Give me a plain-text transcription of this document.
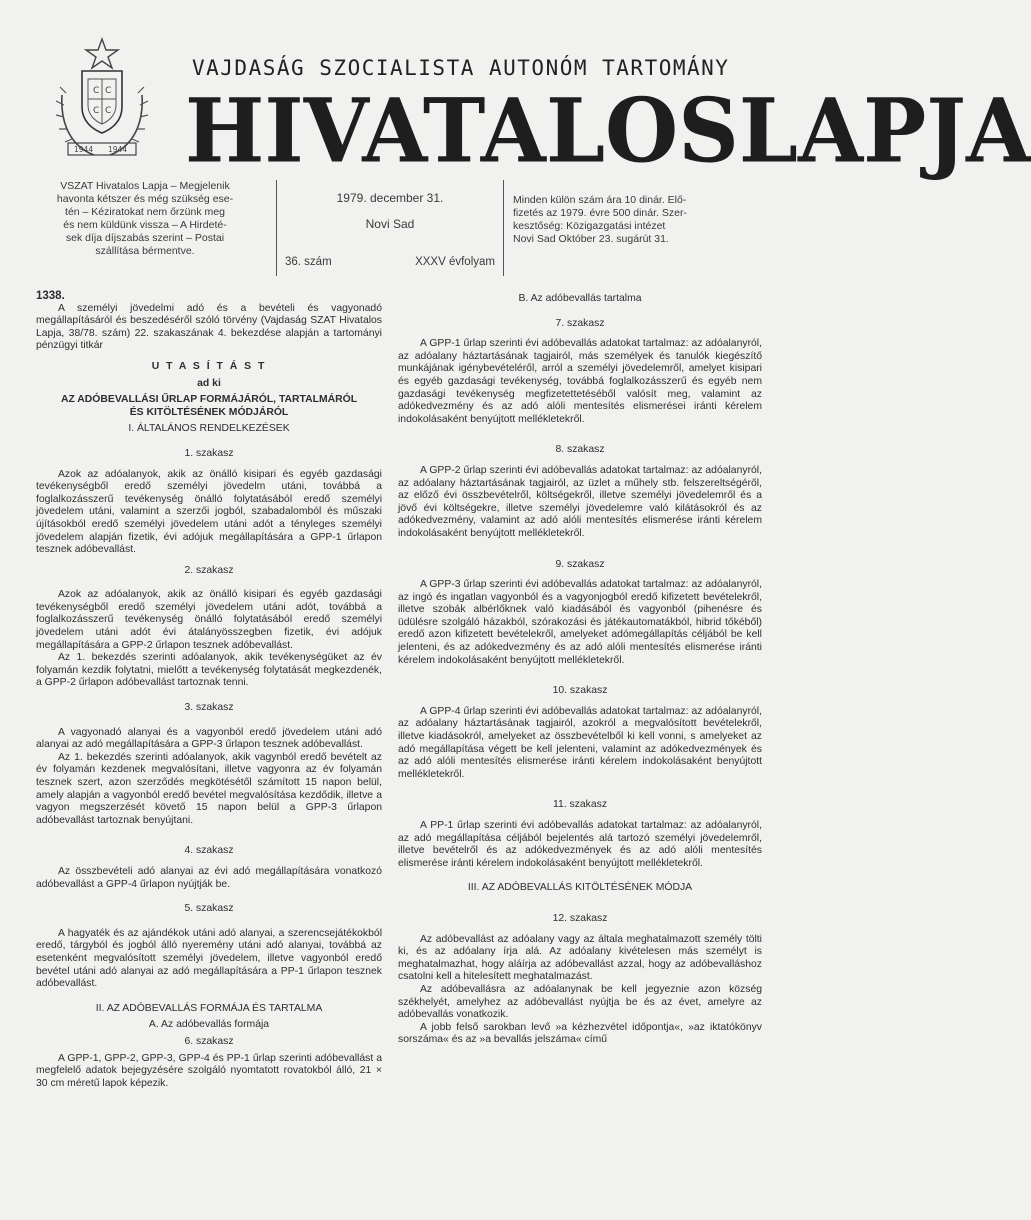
C C
C C
1944 1944
VAJDASÁG SZOCIALISTA AUTONÓM TARTOMÁNY
HIVATALOS LAPJA
VSZAT Hivatalos Lapja – Megjelenik
havonta kétszer és még szükség ese-
tén – Kéziratokat nem őrzünk meg
és nem küldünk vissza – A Hirdeté-
sek díja díjszabás szerint – Postai
szállítása bérmentve.
1979. december 31.
Novi Sad
36. szám	XXXV évfolyam
Minden külön szám ára 10 dinár. Elő-
fizetés az 1979. évre 500 dinár. Szer-
kesztőség: Közigazgatási intézet
Novi Sad Október 23. sugárút 31.

1338.

A személyi jövedelmi adó és a bevételi és vagyonadó megállapításáról és beszedéséről szóló törvény (Vajdaság SZAT Hivatalos Lapja, 38/78. szám) 22. szakaszának 4. bekezdése alapján a tartományi pénzügyi titkár

U T A S Í T Á S T

ad ki

AZ ADÓBEVALLÁSI ŰRLAP FORMÁJÁRÓL, TARTALMÁRÓL

ÉS KITÖLTÉSÉNEK MÓDJÁRÓL

I. ÁLTALÁNOS RENDELKEZÉSEK

1. szakasz

Azok az adóalanyok, akik az önálló kisipari és egyéb gazdasági tevékenységből eredő személyi jövedelm utáni, továbbá a foglalkozásszerű tevékenység önálló folytatásából eredő személyi jövedelem utáni, valamint a szerzői jogból, szabadalomból és műszaki újításokból eredő személyi jövedelem utáni adót a tényleges személyi jövedelem alapján fizetik, évi adójuk megállapítására a GPP-1 űrlapon tesznek adóbevallást.

2. szakasz

Azok az adóalanyok, akik az önálló kisipari és egyéb gazdasági tevékenységből eredő személyi jövedelem utáni adót, továbbá a foglalkozásszerű tevékenység önálló folytatásából eredő személyi jövedelem utáni adót évi átalányösszegben fizetik, évi adójuk megállapítására a GPP-2 űrlapon tesznek adóbevallást.

Az 1. bekezdés szerinti adóalanyok, akik tevékenységüket az év folyamán kezdik folytatni, mielőtt a tevékenység folytatását megkezdenék, a GPP-2 űrlapon adóbevallást tartoznak tenni.

3. szakasz

A vagyonadó alanyai és a vagyonból eredő jövedelem utáni adó alanyai az adó megállapítására a GPP-3 űrlapon tesznek adóbevallást.

Az 1. bekezdés szerinti adóalanyok, akik vagynból eredő bevételt az év folyamán kezdenek megvalósítani, illetve vagyonra az év folyamán tesznek szert, azon szerződés megkötésétől számított 15 napon belül, amely alapján a vagyonból eredő bevétel megvalósítása kezdődik, illetve a vagyon megszerzését követő 15 napon belül a GPP-3 űrlapon adóbevallást tartoznak benyújtani.

4. szakasz

Az összbevételi adó alanyai az évi adó megállapítására vonatkozó adóbevallást a GPP-4 űrlapon nyújtják be.

5. szakasz

A hagyaték és az ajándékok utáni adó alanyai, a szerencsejátékokból eredő, tárgyból és jogból álló nyeremény utáni adó alanyai, továbbá az esetenként megvalósított személyi jövedelem, illetve vagyonból eredő bevétel utáni adó alanyai az adó megállapítására a PP-1 űrlapon tesznek adóbevallást.

II. AZ ADÓBEVALLÁS FORMÁJA ÉS TARTALMA

A. Az adóbevallás formája

6. szakasz

A GPP-1, GPP-2, GPP-3, GPP-4 és PP-1 űrlap szerinti adóbevallást a megfelelő adatok bejegyzésére szolgáló nyomtatott rovatokból álló, 21 × 30 cm méretű lapok képezik.

B. Az adóbevallás tartalma

7. szakasz

A GPP-1 űrlap szerinti évi adóbevallás adatokat tartalmaz: az adóalanyról, az adóalany háztartásának tagjairól, más személyek és tanulók kiegészítő munkájának igénybevételéről, arról a személyi jövedelemről, amelyet kisipari és egyéb gazdasági tevékenység, továbbá foglalkozásszerű és egyéb nem gazdasági tevékenység megfizetettetéséből valósít meg, valamint az adókedvezmény és az adó alóli mentesítés elismerései iránti kérelem indokolásaként benyújtott mellékletekről.

8. szakasz

A GPP-2 űrlap szerinti évi adóbevallás adatokat tartalmaz: az adóalanyról, az adóalany háztartásának tagjairól, az üzlet a műhely stb. felszereltségéről, az előző évi összbevételről, költségekről, illetve személyi jövedelemről és a jövő évi költségekre, illetve személyi jövedelemre való kilátásokról és az adókedvezmény, valamint az adó alóli mentesítés elismerése iránti kérelem indokolásaként benyújtott mellékletekről.

9. szakasz

A GPP-3 űrlap szerinti évi adóbevallás adatokat tartalmaz: az adóalanyról, az ingó és ingatlan vagyonból és a vagyonjogból eredő kifizetett bevételekről, illetve szobák albérlőknek való kiadásából és vagyonból (pihenésre és üdülésre szolgáló házakból, szórakozási és játékautomatákból, hibrid tőkéből) eredő azon kifizetett bevételekről, amelyeket adómegállapítás céljából be kell jelenteni, és az adókedvezmény és az adó alóli mentesítés elismerése iránti kérelem indokolásaként benyújtott mellékletekről.

10. szakasz

A GPP-4 űrlap szerinti évi adóbevallás adatokat tartalmaz: az adóalanyról, az adóalany háztartásának tagjairól, azokról a megvalósított bevételekről, illetve kiadásokról, amelyeket az összbevételből ki kell vonni, s amelyeket az adó megállapítása végett be kell jelenteni, valamint az adókedvezmények és az adó alóli mentesítés elismerése iránti kérelem indokolásaként benyújtott mellékletekről.

11. szakasz

A PP-1 űrlap szerinti évi adóbevallás adatokat tartalmaz: az adóalanyról, az adó megállapítása céljából bejelentés alá tartozó személyi jövedelemről, illetve bevételről és az adókedvezmények és az adó alóli mentesítés elismerése iránti kérelem indokolásaként benyújtott mellékletekről.

III. AZ ADÓBEVALLÁS KITÖLTÉSÉNEK MÓDJA

12. szakasz

Az adóbevallást az adóalany vagy az általa meghatalmazott személy tölti ki, és az adóalany írja alá. Az adóalany kivételesen más személyt is meghatalmazhat, hogy aláírja az adóbevallást azzal, hogy az adóbevalláshoz csatolni kell a hitelesített meghatalmazást.

Az adóbevallásra az adóalanynak be kell jegyeznie azon község székhelyét, amelyhez az adóbevallást nyújtja be és az évet, amelyre az adóbevallás vonatkozik.

A jobb felső sarokban levő »a kézhezvétel időpontja«, »az iktatókönyv sorszáma« és az »a bevallás jelszáma« című
